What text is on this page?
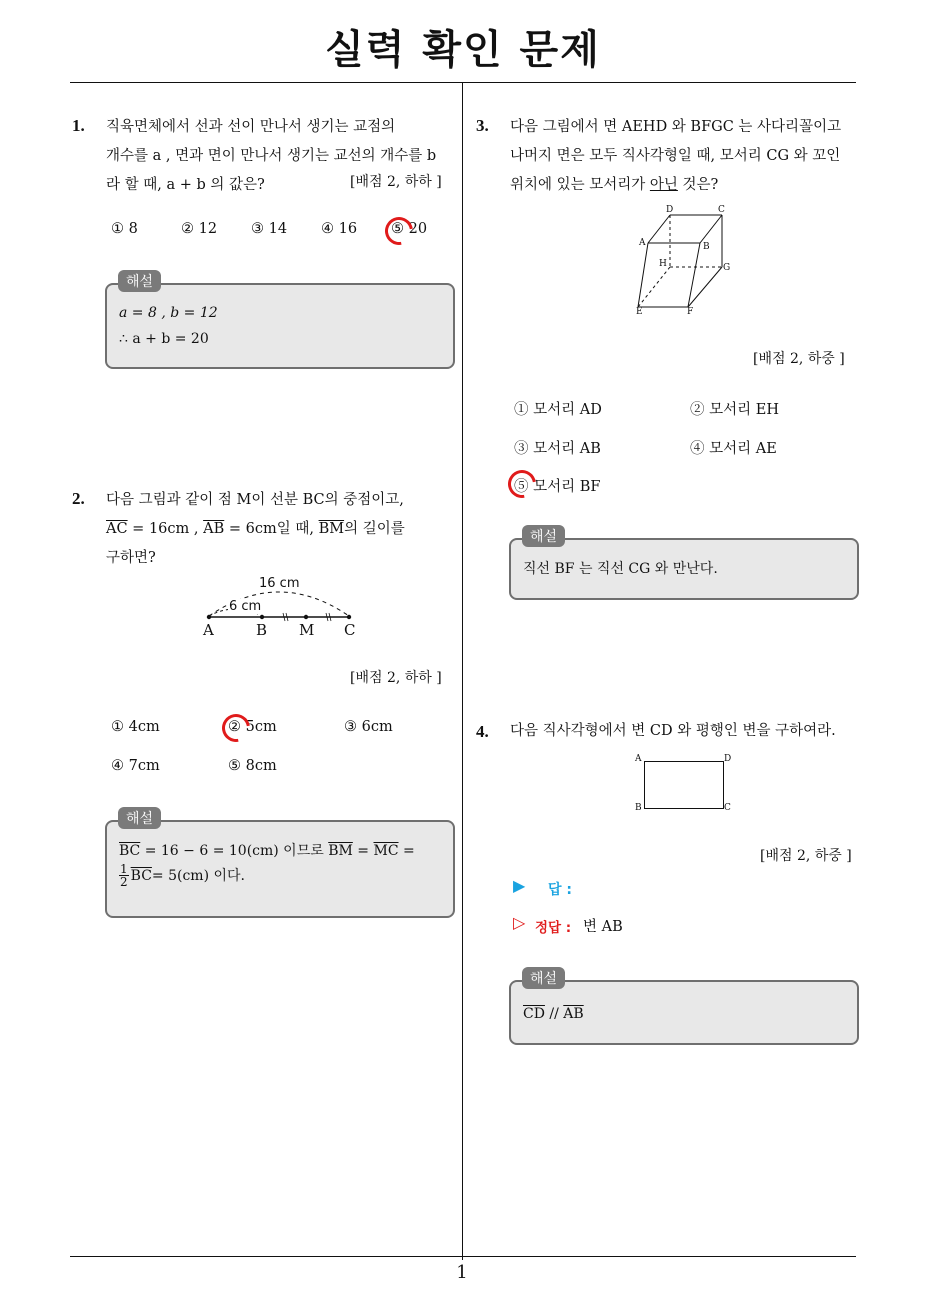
실력 확인 문제
1
1. 직육면체에서 선과 선이 만나서 생기는 교점의
개수를 a , 면과 면이 만나서 생기는 교선의 개수를 b
라 할 때, a + b 의 값은?	[배점 2, 하하 ]
① 8	② 12 ③ 14 ④ 16 ⑤ 20
a = 8 , b = 12
∴ a + b = 20
해설
2. 다음 그림과 같이 점 M이 선분 BC의 중점이고,
$\overline{AC} = 16cm$ , $\overline{AB} = 6cm$일 때, $\overline{BM}$의 길이를
구하면?
16 cm
6 cm
A	B M C
[배점 2, 하하 ]
① 4cm	② 5cm	③ 6cm
④ 7cm	⑤ 8cm
$\overline{BC} = 16 - 6 = 10(cm)$ 이므로 $\overline{BM} = \overline{MC}$ =
$\frac{1}{2} \overline{BC} = 5(cm)$ 이다.
해설
3. 다음 그림에서 면 AEHD 와 BFGC 는 사다리꼴이고
나머지 면은 모두 직사각형일 때, 모서리 CG 와 꼬인
위치에 있는 모서리가 아닌 것은?
D	C
A	B
H	G
E	F
[배점 2, 하중 ]
① 모서리 AD	② 모서리 EH
③ 모서리 AB	④ 모서리 AE
⑤ 모서리 BF
직선 BF 는 직선 CG 와 만난다.
해설
4. 다음 직사각형에서 변 CD 와 평행인 변을 구하여라.
A	D
B	C
[배점 2, 하중 ]
▶ 답 :
▷ 정답 : 변 AB
$\overline{CD} // \overline{AB}$
해설
